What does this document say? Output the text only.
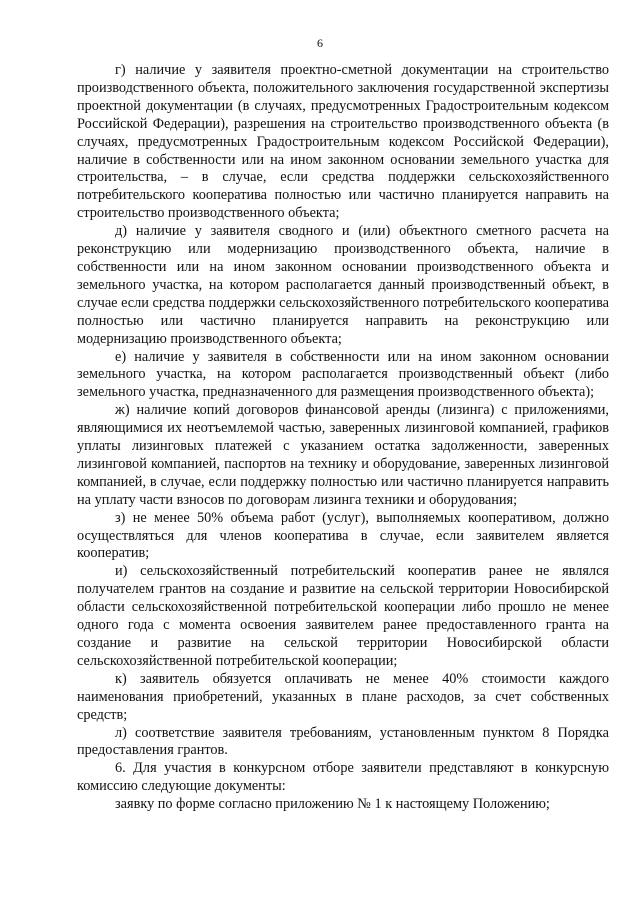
6

г) наличие у заявителя проектно-сметной документации на строительство производственного объекта, положительного заключения государственной экспертизы проектной документации (в случаях, предусмотренных Градостроительным кодексом Российской Федерации), разрешения на строительство производственного объекта (в случаях, предусмотренных Градостроительным кодексом Российской Федерации), наличие в собственности или на ином законном основании земельного участка для строительства, – в случае, если средства поддержки сельскохозяйственного потребительского кооператива полностью или частично планируется направить на строительство производственного объекта;

д) наличие у заявителя сводного и (или) объектного сметного расчета на реконструкцию или модернизацию производственного объекта, наличие в собственности или на ином законном основании производственного объекта и земельного участка, на котором располагается данный производственный объект, в случае если средства поддержки сельскохозяйственного потребительского кооператива полностью или частично планируется направить на реконструкцию или модернизацию производственного объекта;

е) наличие у заявителя в собственности или на ином законном основании земельного участка, на котором располагается производственный объект (либо земельного участка, предназначенного для размещения производственного объекта);

ж) наличие копий договоров финансовой аренды (лизинга) с приложениями, являющимися их неотъемлемой частью, заверенных лизинговой компанией, графиков уплаты лизинговых платежей с указанием остатка задолженности, заверенных лизинговой компанией, паспортов на технику и оборудование, заверенных лизинговой компанией, в случае, если поддержку полностью или частично планируется направить на уплату части взносов по договорам лизинга техники и оборудования;

з) не менее 50% объема работ (услуг), выполняемых кооперативом, должно осуществляться для членов кооператива в случае, если заявителем является кооператив;

и) сельскохозяйственный потребительский кооператив ранее не являлся получателем грантов на создание и развитие на сельской территории Новосибирской области сельскохозяйственной потребительской кооперации либо прошло не менее одного года с момента освоения заявителем ранее предоставленного гранта на создание и развитие на сельской территории Новосибирской области сельскохозяйственной потребительской кооперации;

к) заявитель обязуется оплачивать не менее 40% стоимости каждого наименования приобретений, указанных в плане расходов, за счет собственных средств;

л) соответствие заявителя требованиям, установленным пунктом 8 Порядка предоставления грантов.

6. Для участия в конкурсном отборе заявители представляют в конкурсную комиссию следующие документы:

заявку по форме согласно приложению № 1 к настоящему Положению;
